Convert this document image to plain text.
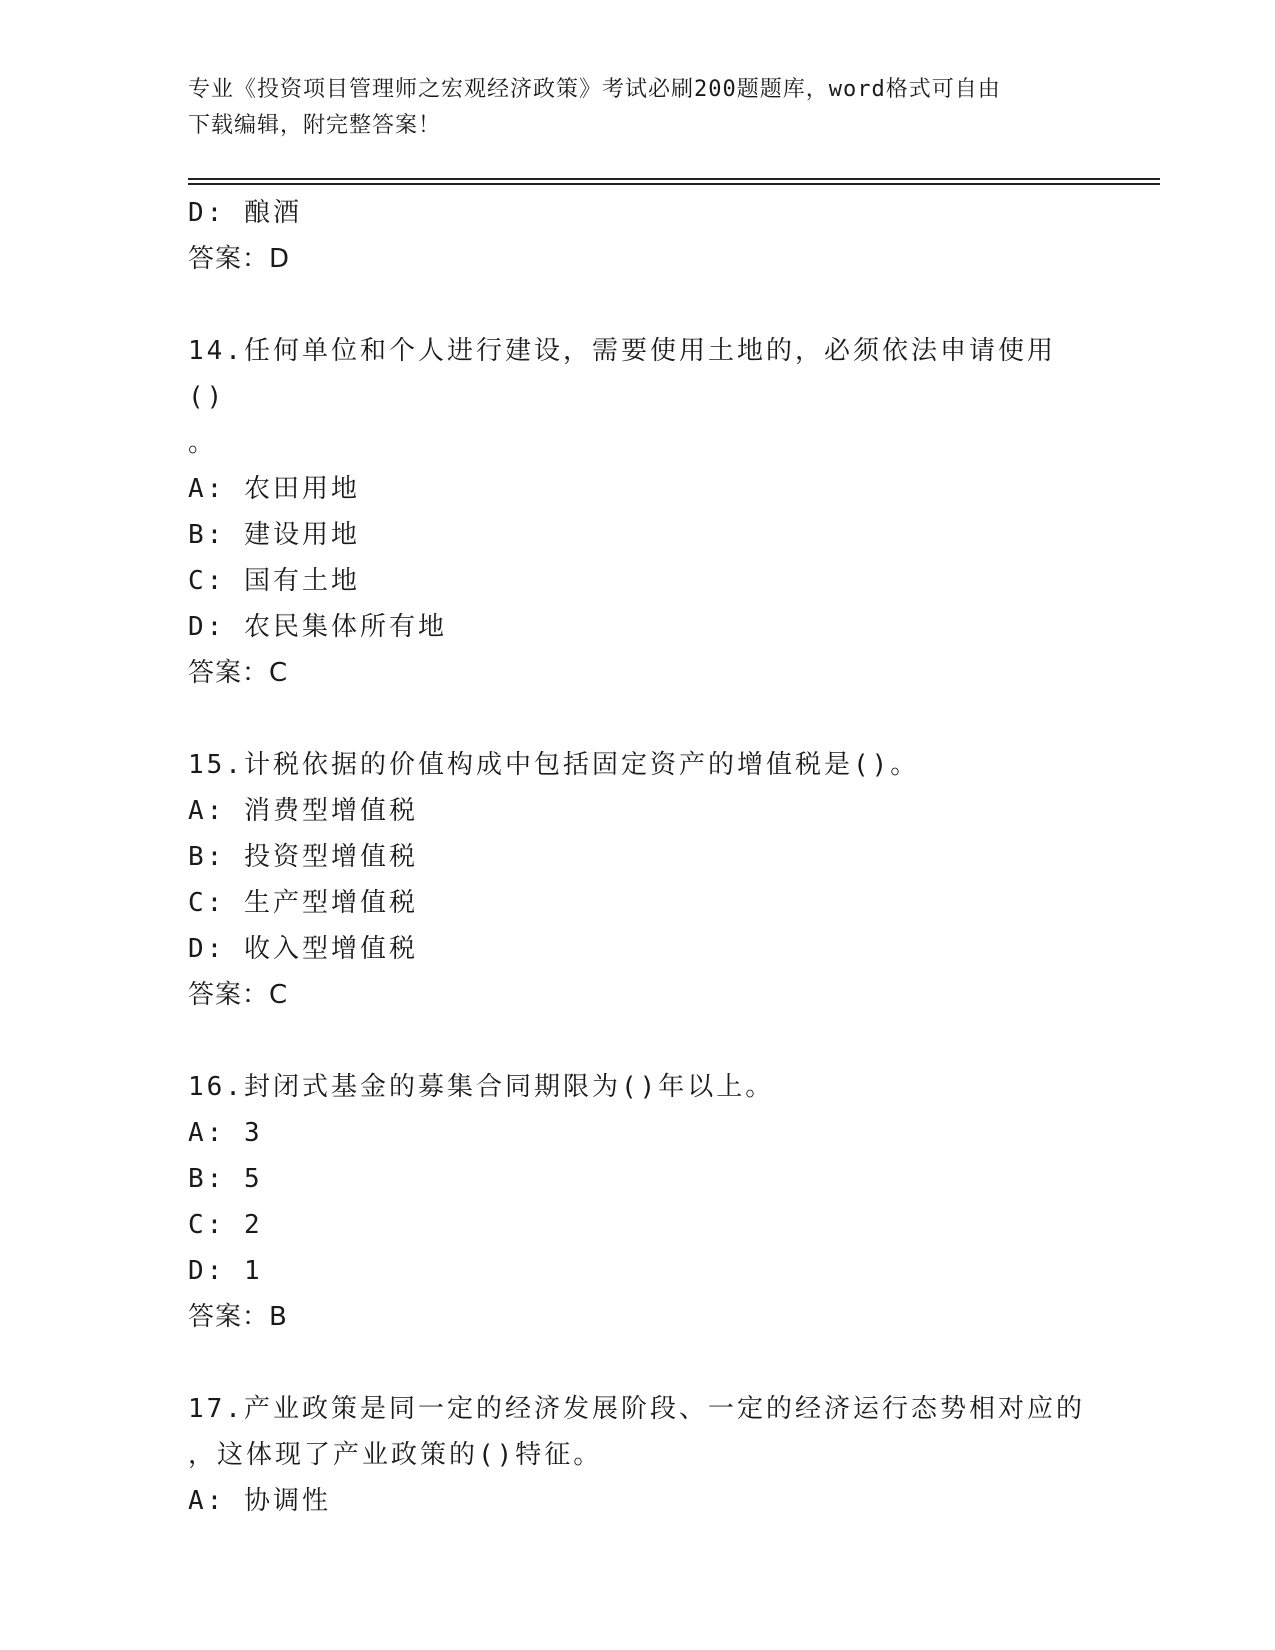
专业《投资项目管理师之宏观经济政策》考试必刷200题题库，word格式可自由
下载编辑，附完整答案！
D: 酿酒
答案：D
14.任何单位和个人进行建设，需要使用土地的，必须依法申请使用()
。
A: 农田用地
B: 建设用地
C: 国有土地
D: 农民集体所有地
答案：C
15.计税依据的价值构成中包括固定资产的增值税是()。
A: 消费型增值税
B: 投资型增值税
C: 生产型增值税
D: 收入型增值税
答案：C
16.封闭式基金的募集合同期限为()年以上。
A: 3
B: 5
C: 2
D: 1
答案：B
17.产业政策是同一定的经济发展阶段、一定的经济运行态势相对应的
，这体现了产业政策的()特征。
A: 协调性
